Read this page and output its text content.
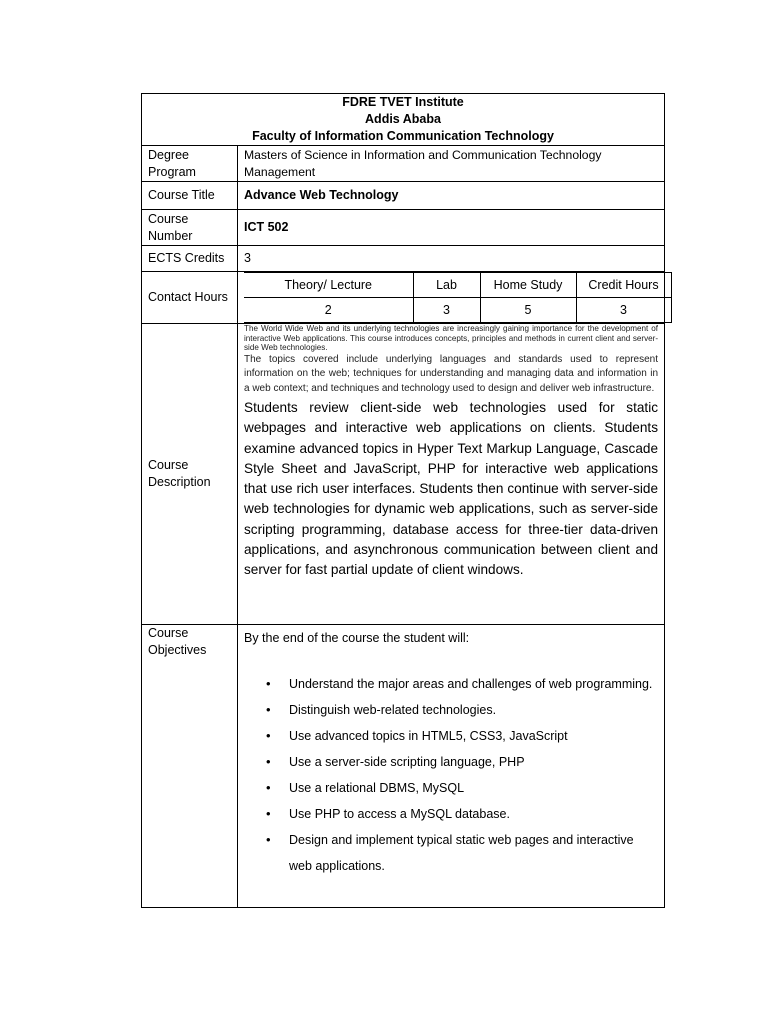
FDRE TVET Institute
Addis Ababa
Faculty of Information Communication Technology

Degree Program	Masters of Science in Information and Communication Technology Management
Course Title	Advance Web Technology
Course Number	ICT 502
ECTS Credits	3
Contact Hours	
Theory/ Lecture	Lab	Home Study	Credit Hours
2	3	5	3

Course Description	
The World Wide Web and its underlying technologies are increasingly gaining importance for the development of interactive Web applications. This course introduces concepts, principles and methods in current client and server-side Web technologies.
The topics covered include underlying languages and standards used to represent information on the web; techniques for understanding and managing data and information in a web context; and techniques and technology used to design and deliver web infrastructure.

Students review client-side web technologies used for static webpages and interactive web applications on clients. Students examine advanced topics in Hyper Text Markup Language, Cascade Style Sheet and JavaScript, PHP for interactive web applications that use rich user interfaces. Students then continue with server-side web technologies for dynamic web applications, such as server-side scripting programming, database access for three-tier data-driven applications, and asynchronous communication between client and server for fast partial update of client windows.

Course Objectives	
By the end of the course the student will:
• Understand the major areas and challenges of web programming.
• Distinguish web-related technologies.
• Use advanced topics in HTML5, CSS3, JavaScript
• Use a server-side scripting language, PHP
• Use a relational DBMS, MySQL
• Use PHP to access a MySQL database.
• Design and implement typical static web pages and interactive web applications.
